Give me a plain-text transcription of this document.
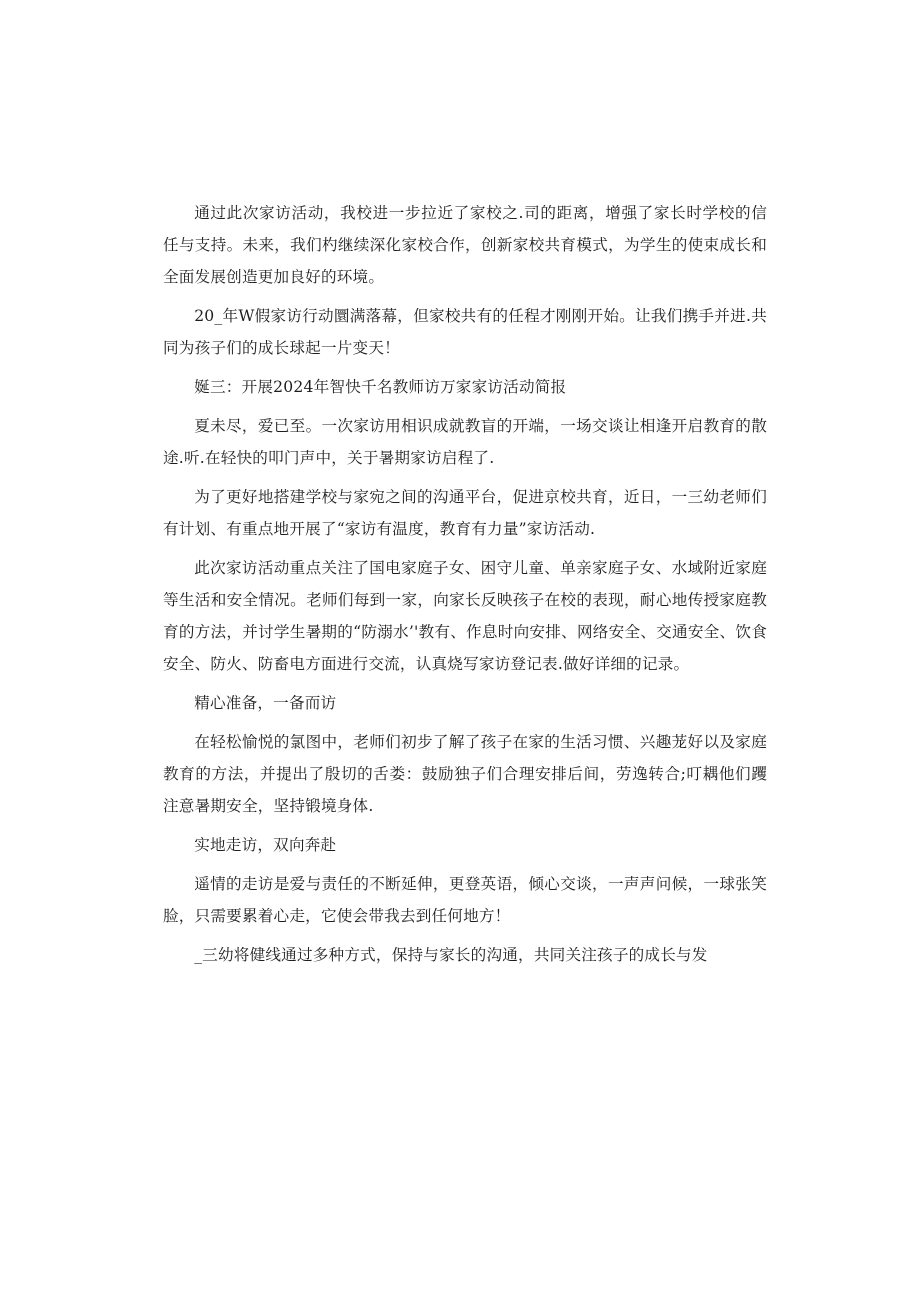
通过此次家访活动，我校进一步拉近了家校之.司的距离，增强了家长时学校的信任与支持。未来，我们杓继续深化家校合作，创新家校共育模式，为学生的使束成长和全面发展创造更加良好的环境。

20_年W假家访行动圜满落幕，但家校共有的任程才刚刚开始。让我们携手并进.共同为孩子们的成长球起一片变天！

娫三：开展2024年智快千名教师访万家家访活动简报

夏未尽，爱已至。一次家访用相识成就教盲的开端，一场交谈让相逢开启教育的散途.听.在轻快的叩门声中，关于暑期家访启程了.

为了更好地搭建学校与家宛之间的沟通平台，促进京校共育，近日，一三幼老师们有计划、有重点地开展了“家访有温度，教育有力量”家访活动.

此次家访活动重点关注了国电家庭子女、困守儿童、单亲家庭子女、水域附近家庭等生活和安全情况。老师们每到一家，向家长反映孩子在校的表现，耐心地传授家庭教育的方法，并讨学生暑期的“防溺水’'教有、作息时向安排、网络安全、交通安全、饮食安全、防火、防畜电方面进行交流，认真烧写家访登记表.做好详细的记录。

精心准备，一备而访

在轻松愉悦的氯图中，老师们初步了解了孩子在家的生活习惯、兴趣茏好以及家庭教育的方法，并提出了殷切的舌娄：鼓励独子们合理安排后间，劳逸转合;叮耦他们躩注意暑期安全，坚持锻境身体.

实地走访，双向奔赴

遥情的走访是爱与责任的不断延伸，更登英语，倾心交谈，一声声问候，一球张笑脸，只需要累着心走，它使会带我去到任何地方！

_三幼将健线通过多种方式，保持与家长的沟通，共同关注孩子的成长与发
